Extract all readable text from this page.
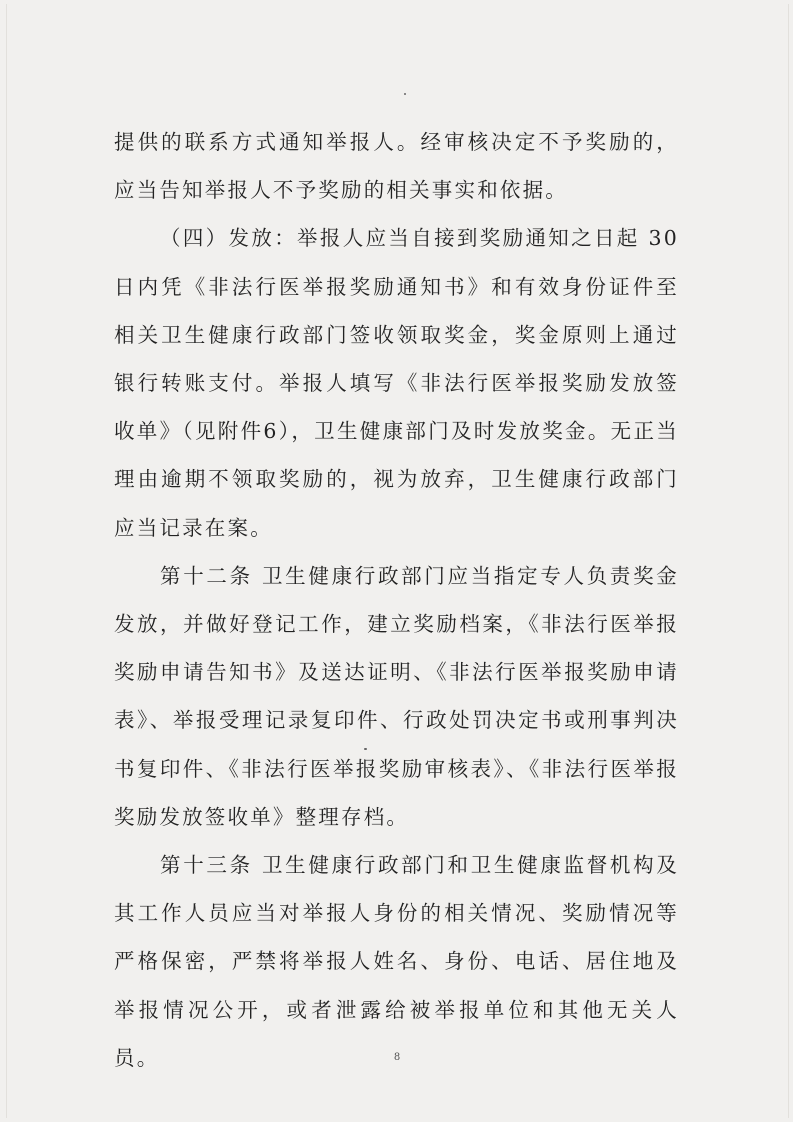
提供的联系方式通知举报人。经审核决定不予奖励的，应当告知举报人不予奖励的相关事实和依据。

（四）发放：举报人应当自接到奖励通知之日起 30 日内凭《非法行医举报奖励通知书》和有效身份证件至相关卫生健康行政部门签收领取奖金，奖金原则上通过银行转账支付。举报人填写《非法行医举报奖励发放签收单》（见附件6），卫生健康部门及时发放奖金。无正当理由逾期不领取奖励的，视为放弃，卫生健康行政部门应当记录在案。

第十二条 卫生健康行政部门应当指定专人负责奖金发放，并做好登记工作，建立奖励档案，《非法行医举报奖励申请告知书》及送达证明、《非法行医举报奖励申请表》、举报受理记录复印件、行政处罚决定书或刑事判决书复印件、《非法行医举报奖励审核表》、《非法行医举报奖励发放签收单》整理存档。

第十三条 卫生健康行政部门和卫生健康监督机构及其工作人员应当对举报人身份的相关情况、奖励情况等严格保密，严禁将举报人姓名、身份、电话、居住地及举报情况公开，或者泄露给被举报单位和其他无关人员。	8
